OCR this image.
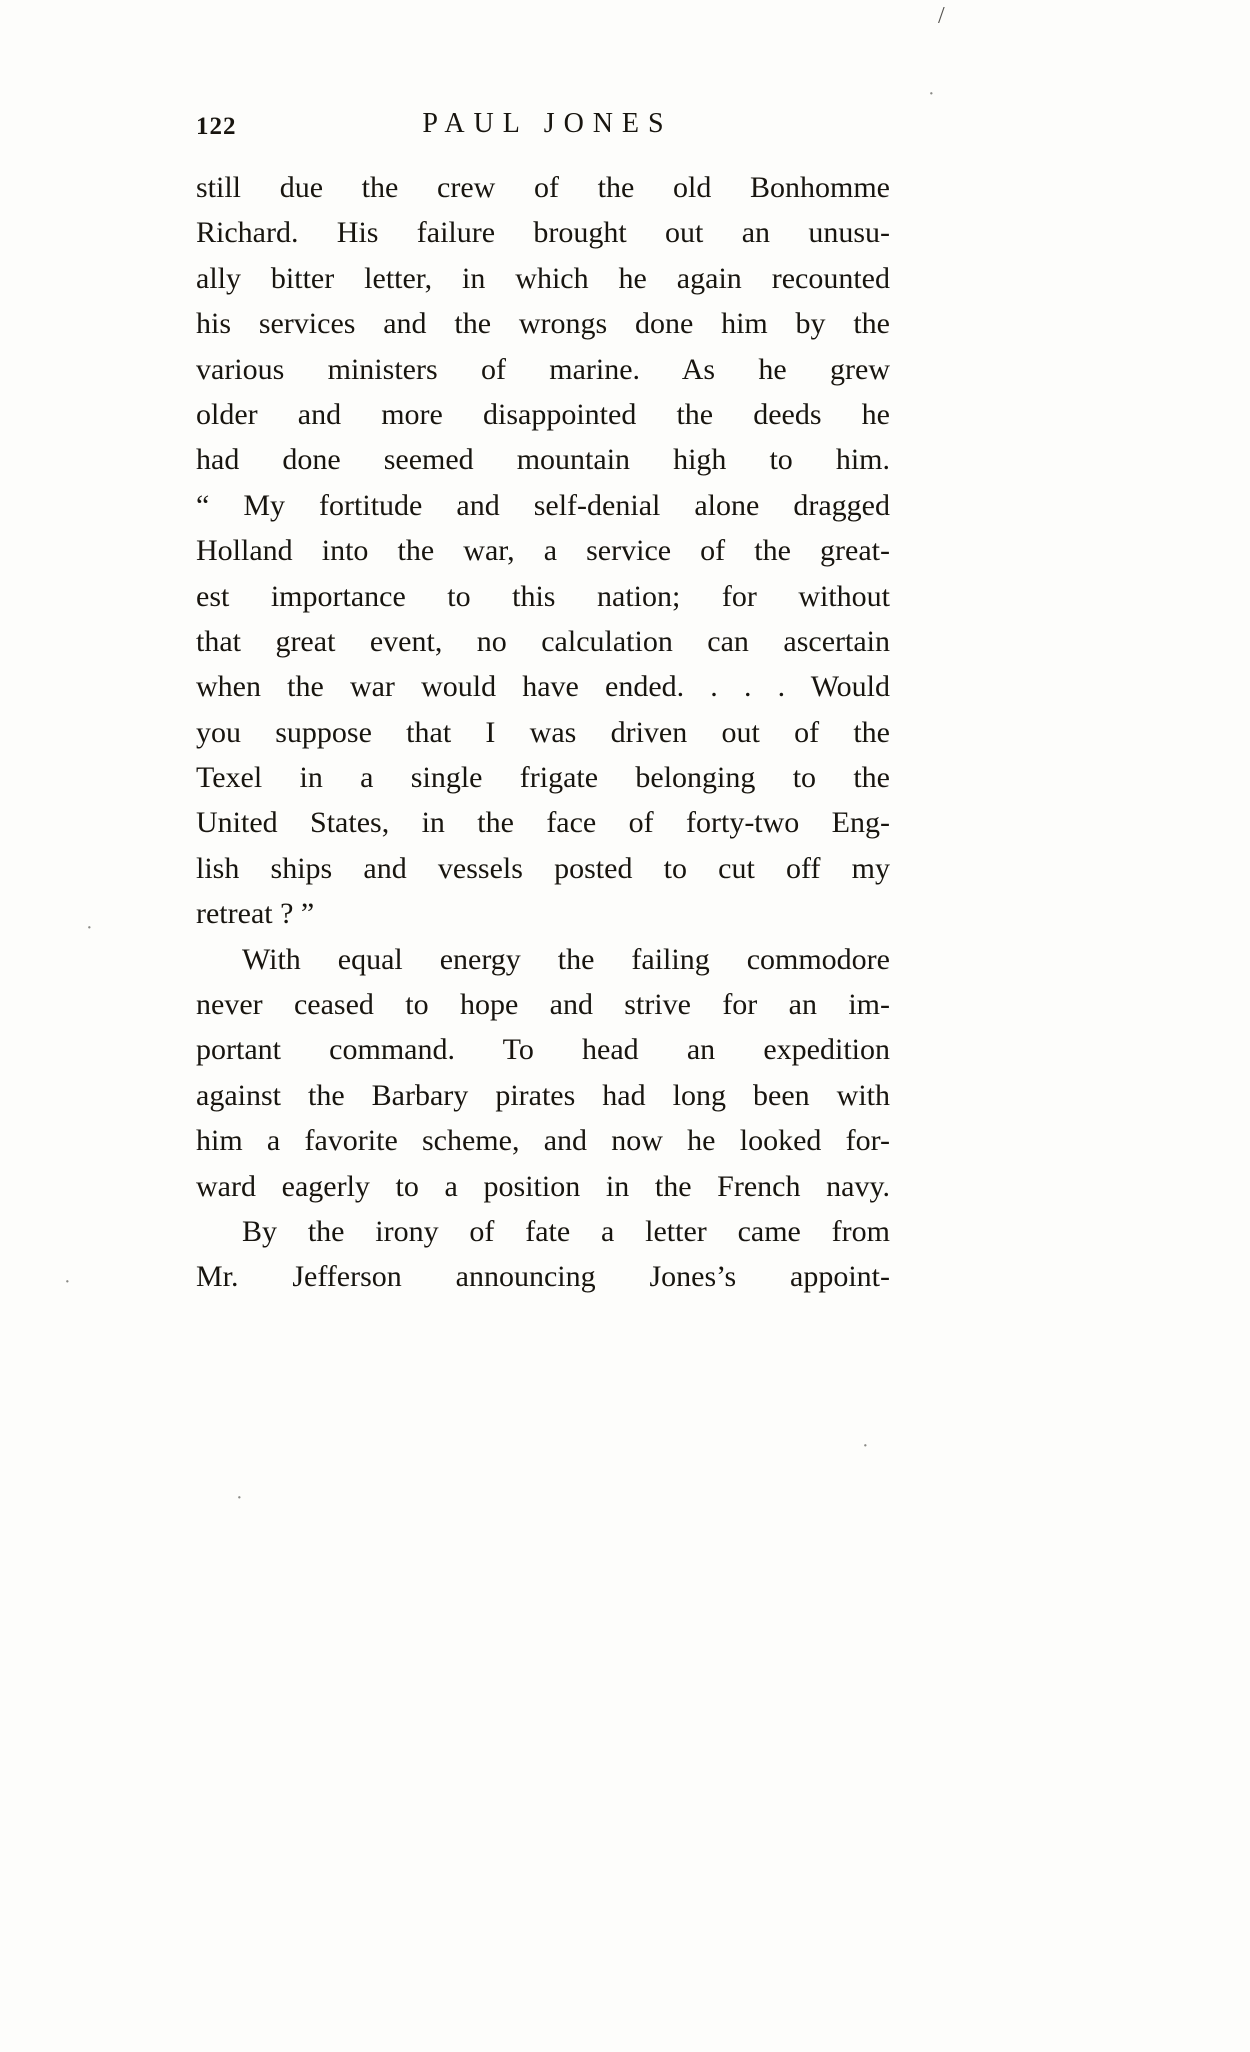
122	PAUL JONES
still due the crew of the old Bonhomme
Richard. His failure brought out an unusu-
ally bitter letter, in which he again recounted
his services and the wrongs done him by the
various ministers of marine. As he grew
older and more disappointed the deeds he
had done seemed mountain high to him.
“ My fortitude and self-denial alone dragged
Holland into the war, a service of the great-
est importance to this nation; for without
that great event, no calculation can ascertain
when the war would have ended. . . . Would
you suppose that I was driven out of the
Texel in a single frigate belonging to the
United States, in the face of forty-two Eng-
lish ships and vessels posted to cut off my
retreat ? ”
With equal energy the failing commodore
never ceased to hope and strive for an im-
portant command. To head an expedition
against the Barbary pirates had long been with
him a favorite scheme, and now he looked for-
ward eagerly to a position in the French navy.
By the irony of fate a letter came from
Mr. Jefferson announcing Jones’s appoint-
/
·
·
·
·
·
